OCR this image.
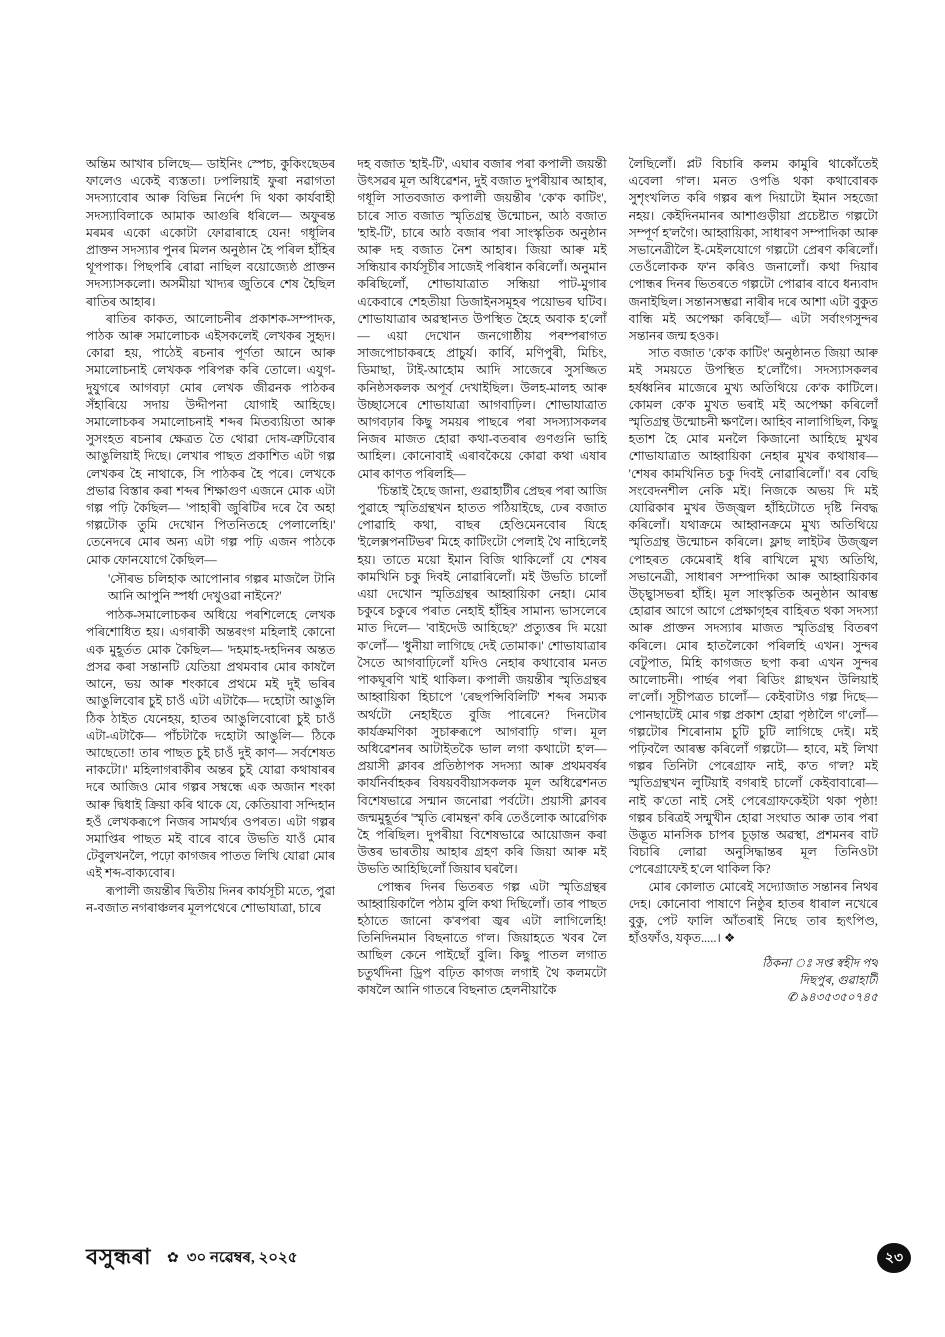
অন্তিম আখাৰ চলিছে— ডাইনিং স্পেচ, কুকিংছেডৰ ফালেও একেই ব্যস্ততা। ঢপলিয়াই ফুৰা নৱাগতা সদস্যাবোৰ আৰু বিভিন্ন নিৰ্দেশ দি থকা কাৰ্যবাহী সদস্যাবিলাকে আমাক আগুৰি ধৰিলে— অফুৰন্ত মৰমৰ একো একোটা ফোৱাৰাহে যেন! গধূলিৰ প্ৰাক্তন সদস্যাৰ পুনৰ মিলন অনুষ্ঠান হৈ পৰিল হাঁহিৰ থূপপাক। পিছপৰি ৰোৱা নাছিল বয়োজ্যেষ্ঠ প্ৰাক্তন সদস্যাসকলো। অসমীয়া খাদ্যৰ জুতিৰে শেষ হৈছিল ৰাতিৰ আহাৰ।

ৰাতিৰ কাকত, আলোচনীৰ প্ৰকাশক-সম্পাদক, পাঠক আৰু সমালোচক এইসকলেই লেখকৰ সুহৃদ। কোৱা হয়, পাঠেই ৰচনাৰ পূৰ্ণতা আনে আৰু সমালোচনাই লেখকক পৰিপক্ব কৰি তোলে। এযুগ-দুযুগৰে আগবঢ়া মোৰ লেখক জীৱনক পাঠকৰ সঁহাৰিয়ে সদায় উদ্দীপনা যোগাই আহিছে। সমালোচকৰ সমালোচনাই শব্দৰ মিতব্যয়িতা আৰু সুসংহত ৰচনাৰ ক্ষেত্ৰত তৈ থোৱা দোষ-ত্ৰুটিবোৰ আঙুলিয়াই দিছে। লেখাৰ পাছত প্ৰকাশিত এটা গল্প লেখকৰ হৈ নাথাকে, সি পাঠকৰ হৈ পৰে। লেখকে প্ৰভাৱ বিস্তাৰ কৰা শব্দৰ শিক্ষাগুণ এজনে মোক এটা গল্প পঢ়ি কৈছিল— 'পাহাৰী জুৰিটিৰ দৰে বৈ অহা গল্পটোক তুমি দেখোন পিতনিতহে পেলালেহি।' তেনেদৰে মোৰ অন্য এটা গল্প পঢ়ি এজন পাঠকে মোক ফোনযোগে কৈছিল—

'সৌৰভ চলিহাক আপোনাৰ গল্পৰ মাজলৈ টানি আনি আপুনি স্পৰ্ধা দেখুওৱা নাইনে?'

পাঠক-সমালোচকৰ অধিয়ে পৰশিলেহে লেখক পৰিশোধিত হয়। এগৰাকী অন্তৰংগ মহিলাই কোনো এক মুহূৰ্তত মোক কৈছিল— 'দহমাহ-দহদিনৰ অন্তত প্ৰসৱ কৰা সন্তানটি যেতিয়া প্ৰথমবাৰ মোৰ কাষলৈ আনে, ভয় আৰু শংকাৰে প্ৰথমে মই দুই ভৰিৰ আঙুলিবোৰ চুই চাওঁ এটা এটাকৈ— দহোটা আঙুলি ঠিক ঠাইত যেনেহয়, হাতৰ আঙুলিবোৰো চুই চাওঁ এটা-এটাকৈ— পাঁচটাকৈ দহোটা আঙুলি— ঠিকে আছেতো! তাৰ পাছত চুই চাওঁ দুই কাণ— সৰ্বশেষত নাকটো।' মহিলাগৰাকীৰ অন্তৰ চুই যোৱা কথাষাৰৰ দৰে আজিও মোৰ গল্পৰ সম্বন্ধে এক অজান শংকা আৰু দ্বিধাই ক্ৰিয়া কৰি থাকে যে, কেতিয়াবা সন্দিহান হওঁ লেখকৰূপে নিজৰ সামৰ্থ্যৰ ওপৰত। এটা গল্পৰ সমাপ্তিৰ পাছত মই বাৰে বাৰে উভতি যাওঁ মোৰ টেবুলখনলৈ, পঢ়ো কাগজৰ পাতত লিখি যোৱা মোৰ এই শব্দ-বাক্যবোৰ।

ৰূপালী জয়ন্তীৰ দ্বিতীয় দিনৰ কাৰ্যসূচী মতে, পুৱা ন-বজাত নগৰাঞ্চলৰ মূলপথেৰে শোভাযাত্ৰা, চাৰে

দহ বজাত 'হাই-টি', এঘাৰ বজাৰ পৰা কপালী জয়ন্তী উৎসৱৰ মূল অধিৱেশন, দুই বজাত দুপৰীয়াৰ আহাৰ, গধূলি সাতবজাত কপালী জয়ন্তীৰ 'কে'ক কাটিং', চাৰে সাত বজাত স্মৃতিগ্ৰন্থ উন্মোচন, আঠ বজাত 'হাই-টি', চাৰে আঠ বজাৰ পৰা সাংস্কৃতিক অনুষ্ঠান আৰু দহ বজাত নৈশ আহাৰ। জিয়া আৰু মই সন্ধিয়াৰ কাৰ্যসূচীৰ সাজেই পৰিধান কৰিলোঁ। অনুমান কৰিছিলোঁ, শোভাযাত্ৰাত সন্ধিয়া পাট-মুগাৰ একেবাৰে শেহতীয়া ডিজাইনসমূহৰ পয়োভৰ ঘটিব। শোভাযাত্ৰাৰ অৱস্থানত উপস্থিত হৈহে অবাক হ'লোঁ— এয়া দেখোন জনগোষ্ঠীয় পৰম্পৰাগত সাজপোচাকৰহে প্ৰাচুৰ্য। কাৰ্বি, মণিপুৰী, মিচিং, ডিমাছা, টাই-আহোম আদি সাজেৰে সুসজ্জিত কনিষ্ঠসকলক অপূৰ্ব দেখাইছিল। উলহ-মালহ আৰু উচ্ছাসেৰে শোভাযাত্ৰা আগবাঢ়িল। শোভাযাত্ৰাত আগবঢ়াৰ কিছু সময়ৰ পাছৰে পৰা সদস্যাসকলৰ নিজৰ মাজত হোৱা কথা-বতৰাৰ গুণগুনি ভাহি আহিল। কোনোবাই এৰাবকৈয়ে কোৱা কথা এষাৰ মোৰ কাণত পৰিলহি—

'চিন্তাই হৈছে জানা, গুৱাহাটীৰ প্ৰেছৰ পৰা আজি পুৱাহে স্মৃতিগ্ৰন্থখন হাতত পঠিয়াইছে, ঢেৰ বজাত পোৱাহি কথা, বাছৰ হেণ্ডিমেনবোৰ যিহে 'ইলেক্সপনটিভৰ' মিহে কাটিংটো পেলাই থৈ নাহিলেই হয়। তাতে ময়ো ইমান বিজি থাকিলোঁ যে শেষৰ কামখিনি চকু দিবই নোৱাৰিলোঁ। মই উভতি চালোঁ এয়া দেখোন স্মৃতিগ্ৰন্থৰ আহ্বায়িকা নেহা। মোৰ চকুৰে চকুৰে পৰাত নেহাই হাঁহিৰ সামান্য ভাসলেৰে মাত দিলে— 'বাইদেউ আহিছে?' প্ৰত্যুত্তৰ দি ময়ো ক'লোঁ— 'ধুনীয়া লাগিছে দেই তোমাক।' শোভাযাত্ৰাৰ সৈতে আগবাঢ়িলোঁ যদিও নেহাৰ কথাবোৰ মনত পাকঘূৰণি খাই থাকিল। কপালী জয়ন্তীৰ স্মৃতিগ্ৰন্থৰ আহ্বায়িকা হিচাপে 'ৰেছপন্সিবিলিটি' শব্দৰ সম্যক অৰ্থটো নেহাইতে বুজি পাৰেনে? দিনটোৰ কাৰ্যক্ৰমণিকা সুচাৰুৰূপে আগবাঢ়ি গ'ল। মূল অধিৱেশনৰ আটাইতকৈ ভাল লগা কথাটো হ'ল— প্ৰয়াসী ক্লাবৰ প্ৰতিষ্ঠাপক সদস্যা আৰু প্ৰথমবৰ্ষৰ কাৰ্যনিৰ্বাহকৰ বিষয়ববীয়াসকলক মূল অধিৱেশনত বিশেষভাৱে সন্মান জনোৱা পৰ্বটো। প্ৰয়াসী ক্লাবৰ জন্মমুহূৰ্তৰ 'স্মৃতি ৰোমন্থন' কৰি তেওঁলোক আৱেগিক হৈ পৰিছিল। দুপৰীয়া বিশেষভাৱে আয়োজন কৰা উত্তৰ ভাৰতীয় আহাৰ গ্ৰহণ কৰি জিয়া আৰু মই উভতি আহিছিলোঁ জিয়াৰ ঘৰলৈ।

পোন্ধৰ দিনৰ ভিতৰত গল্প এটা স্মৃতিগ্ৰন্থৰ আহ্বায়িকালৈ পঠাম বুলি কথা দিছিলোঁ। তাৰ পাছত হঠাতে জানো ক'ৰপৰা জ্বৰ এটা লাগিলেহি! তিনিদিনমান বিছনাতে গ'ল। জিয়াহতে খবৰ লৈ আছিল কেনে পাইছোঁ বুলি। কিছু পাতল লগাত চতুৰ্থদিনা ড্ৰিপ বঢ়িত কাগজ লগাই থৈ কলমটো কাষলৈ আনি গাতৰে বিছনাত হেলনীয়াকৈ

লৈছিলোঁ। প্লট বিচাৰি কলম কামুৰি থাকোঁতেই এবেলা গ'ল। মনত ওপঙি থকা কথাবোৰক সুশৃংখলিত কৰি গল্পৰ ৰূপ দিয়াটো ইমান সহজো নহয়। কেইদিনমানৰ আশাগুড়ীয়া প্ৰচেষ্টাত গল্পটো সম্পূৰ্ণ হ'লগৈ। আহ্বায়িকা, সাধাৰণ সম্পাদিকা আৰু সভানেত্ৰীলৈ ই-মেইলযোগে গল্পটো প্ৰেৰণ কৰিলোঁ। তেওঁলোকক ফ'ন কৰিও জনালোঁ। কথা দিয়াৰ পোন্ধৰ দিনৰ ভিতৰতে গল্পটো পোৱাৰ বাবে ধন্যবাদ জনাইছিল। সন্তানসম্ভৱা নাৰীৰ দৰে আশা এটা বুকুত বান্ধি মই অপেক্ষা কৰিছোঁ— এটা সৰ্বাংগসুন্দৰ সন্তানৰ জন্ম হওক।

সাত বজাত 'কে'ক কাটিং' অনুষ্ঠানত জিয়া আৰু মই সময়তে উপস্থিত হ'লোঁগৈ। সদস্যাসকলৰ হৰ্ষধ্বনিৰ মাজেৰে মুখ্য অতিথিয়ে কে'ক কাটিলে। কোমল কে'ক মুখত ভৰাই মই অপেক্ষা কৰিলোঁ স্মৃতিগ্ৰন্থ উন্মোচনী ক্ষণলৈ। আহিব নালাগিছিল, কিছু হতাশ হৈ মোৰ মনলৈ কিজানো আহিছে মুখৰ শোভাযাত্ৰাত আহ্বায়িকা নেহাৰ মুখৰ কথাষাৰ— 'শেষৰ কামখিনিত চকু দিবই নোৱাৰিলোঁ।' বৰ বেছি সংবেদনশীল নেকি মই। নিজকে অভয় দি মই যোৱিকাৰ মুখৰ উজ্জ্বল হাঁহিটোতে দৃষ্টি নিবদ্ধ কৰিলোঁ। যথাক্ৰমে আহ্বানক্ৰমে মুখ্য অতিথিয়ে স্মৃতিগ্ৰন্থ উন্মোচন কৰিলে। ফ্লাছ লাইটৰ উজ্জ্বল পোহৰত কেমেৰাই ধৰি ৰাখিলে মুখ্য অতিথি, সভানেত্ৰী, সাধাৰণ সম্পাদিকা আৰু আহ্বায়িকাৰ উচ্ছ্বাসভৰা হাঁহি। মূল সাংস্কৃতিক অনুষ্ঠান আৰম্ভ হোৱাৰ আগে আগে প্ৰেক্ষাগৃহৰ বাহিৰত থকা সদস্যা আৰু প্ৰাক্তন সদস্যাৰ মাজত স্মৃতিগ্ৰন্থ বিতৰণ কৰিলে। মোৰ হাতলৈকো পৰিলহি এখন। সুন্দৰ বেটুপাত, মিহি কাগজত ছপা কৰা এখন সুন্দৰ আলোচনী। পাৰ্ছৰ পৰা ৰিডিং গ্লাছখন উলিয়াই ল'লোঁ। সূচীপত্ৰত চালোঁ— কেইবাটাও গল্প দিছে— পোনছাটেই মোৰ গল্প প্ৰকাশ হোৱা পৃষ্ঠালৈ গ'লোঁ— গল্পটোৰ শিৰোনাম চুটি চুটি লাগিছে দেই। মই পঢ়িবলৈ আৰম্ভ কৰিলোঁ গল্পটো— হাবে, মই লিখা গল্পৰ তিনিটা পেৰেগ্ৰাফ নাই, ক'ত গ'ল? মই স্মৃতিগ্ৰন্থখন লুটিয়াই বগৰাই চালোঁ কেইবাবাৰো— নাই ক'তো নাই সেই পেৰেগ্ৰাফকেইটা থকা পৃষ্ঠা! গল্পৰ চৰিত্ৰই সন্মুখীন হোৱা সংঘাত আৰু তাৰ পৰা উদ্ভূত মানসিক চাপৰ চূড়ান্ত অৱস্থা, প্ৰশমনৰ বাট বিচাৰি লোৱা অনুসিদ্ধান্তৰ মূল তিনিওটা পেৰেগ্ৰাফেই হ'লে থাকিল কি?

মোৰ কোলাত মোৰেই সদ্যোজাত সন্তানৰ নিথৰ দেহ। কোনোবা পাষাণে নিষ্ঠুৰ হাতৰ ধাৰাল নখেৰে বুকু, পেট ফালি আঁতৰাই নিছে তাৰ হৃৎপিণ্ড, হাঁওফাঁও, যকৃত.....। ❖

ঠিকনা ঃ সপ্ত স্বহীদ পথ
দিছপুৰ, গুৱাহাটী
✆ ৯৪৩৫৩৫০৭৪৫
বসুন্ধৰা ✿ ৩০ নৱেম্বৰ, ২০২৫	২৩
